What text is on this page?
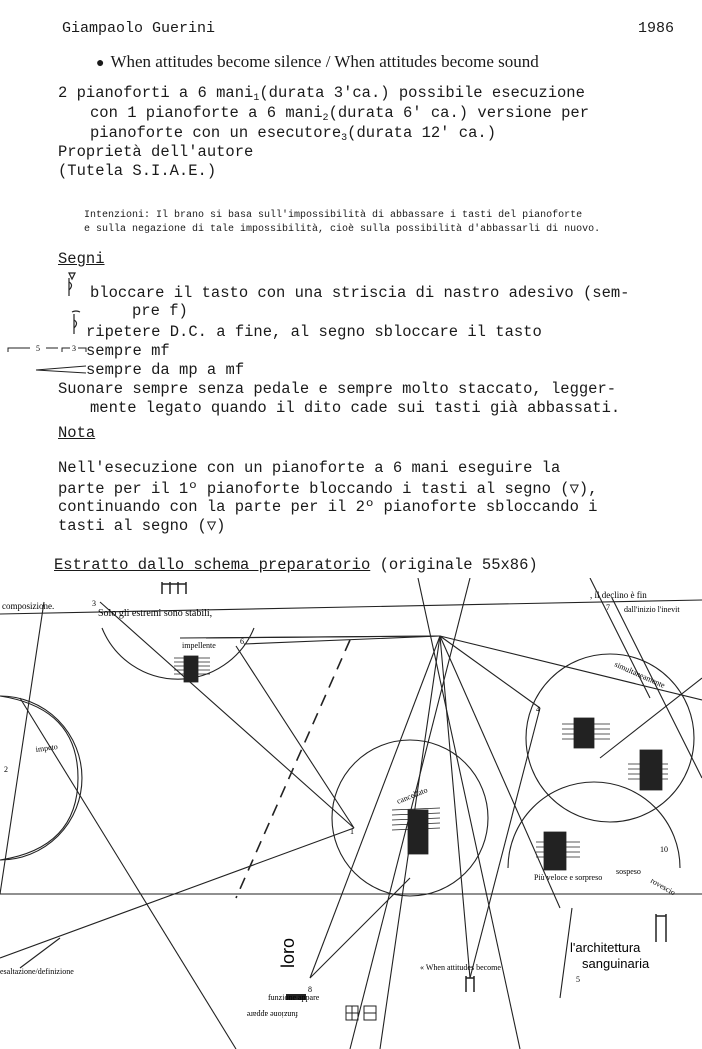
Giampaolo Guerini	1986
● When attitudes become silence / When attitudes become sound
2 pianoforti a 6 mani$_1$(durata 3'ca.) possibile esecuzione
con 1 pianoforte a 6 mani$_2$(durata 6' ca.) versione per
pianoforte con un esecutore$_3$(durata 12' ca.)
Proprietà dell'autore
(Tutela S.I.A.E.)
Intenzioni: Il brano si basa sull'impossibilità di abbassare i tasti del pianoforte
e sulla negazione di tale impossibilità, cioè sulla possibilità d'abbassarli di nuovo.
Segni
5	3
bloccare il tasto con una striscia di nastro adesivo (sem-
pre f)
ripetere D.C. a fine, al segno sbloccare il tasto
sempre mf
sempre da mp a mf
Suonare sempre senza pedale e sempre molto staccato, legger-
mente legato quando il dito cade sui tasti già abbassati.
Nota
Nell'esecuzione con un pianoforte a 6 mani eseguire la
parte per il 1º pianoforte bloccando i tasti al segno (▽),
continuando con la parte per il 2º pianoforte sbloccando i
tasti al segno (▽)
Estratto dallo schema preparatorio (originale 55x86)
composizione.
Solo gli estremi sono stabili,
impellente
impeto
cancellato
, il declino è fin
dall'inizio l'inevit
simultaneamente
Più veloce e sorpreso
sospeso
rovescio
esaltazione/definizione
loro
funzione appare
funzione appare
« When attitudes become
l'architettura
sanguinaria
3
6
1
2
4
7
10
5
8
